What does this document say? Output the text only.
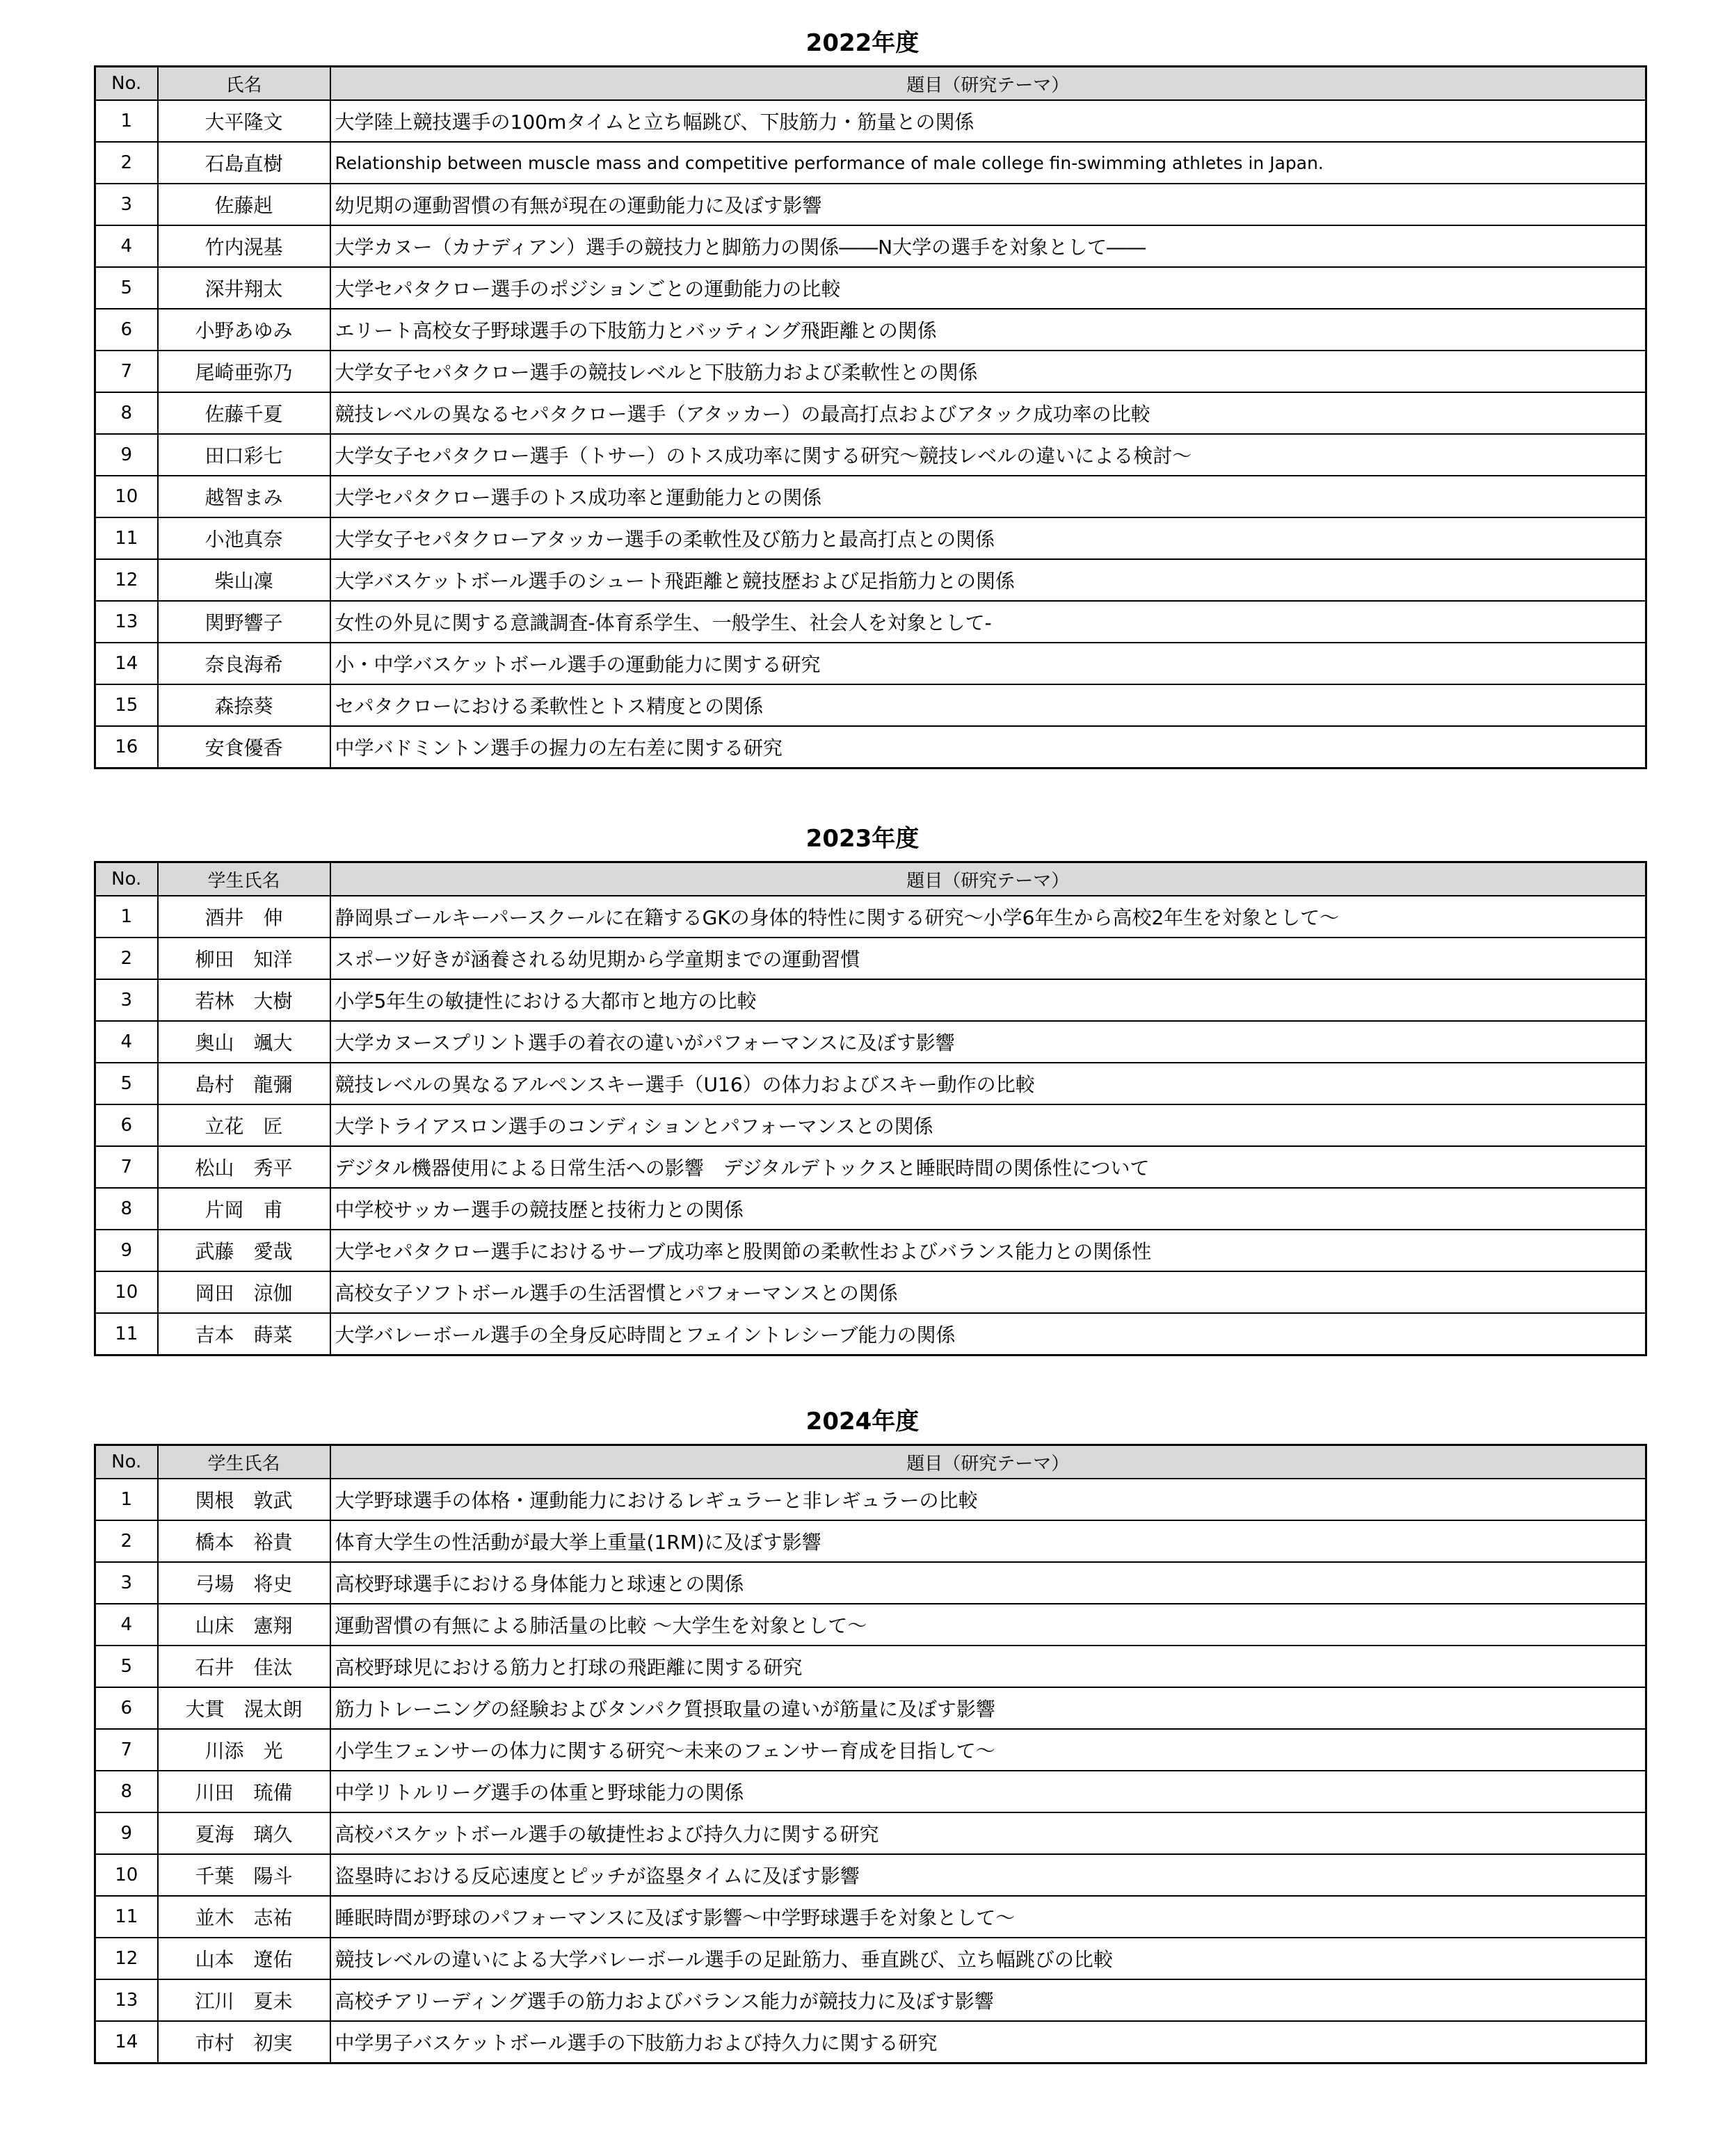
2022年度
No.	氏名	題目（研究テーマ）
1	大平隆文	大学陸上競技選手の100mタイムと立ち幅跳び、下肢筋力・筋量との関係
2	石島直樹	Relationship between muscle mass and competitive performance of male college fin-swimming athletes in Japan.
3	佐藤赳	幼児期の運動習慣の有無が現在の運動能力に及ぼす影響
4	竹内滉基	大学カヌー（カナディアン）選手の競技力と脚筋力の関係――N大学の選手を対象として――
5	深井翔太	大学セパタクロー選手のポジションごとの運動能力の比較
6	小野あゆみ	エリート高校女子野球選手の下肢筋力とバッティング飛距離との関係
7	尾崎亜弥乃	大学女子セパタクロー選手の競技レベルと下肢筋力および柔軟性との関係
8	佐藤千夏	競技レベルの異なるセパタクロー選手（アタッカー）の最高打点およびアタック成功率の比較
9	田口彩七	大学女子セパタクロー選手（トサー）のトス成功率に関する研究～競技レベルの違いによる検討～
10	越智まみ	大学セパタクロー選手のトス成功率と運動能力との関係
11	小池真奈	大学女子セパタクローアタッカー選手の柔軟性及び筋力と最高打点との関係
12	柴山凜	大学バスケットボール選手のシュート飛距離と競技歴および足指筋力との関係
13	関野響子	女性の外見に関する意識調査-体育系学生、一般学生、社会人を対象として-
14	奈良海希	小・中学バスケットボール選手の運動能力に関する研究
15	森捺葵	セパタクローにおける柔軟性とトス精度との関係
16	安食優香	中学バドミントン選手の握力の左右差に関する研究
2023年度
No.	学生氏名	題目（研究テーマ）
1	酒井　伸	静岡県ゴールキーパースクールに在籍するGKの身体的特性に関する研究～小学6年生から高校2年生を対象として～
2	柳田　知洋	スポーツ好きが涵養される幼児期から学童期までの運動習慣
3	若林　大樹	小学5年生の敏捷性における大都市と地方の比較
4	奥山　颯大	大学カヌースプリント選手の着衣の違いがパフォーマンスに及ぼす影響
5	島村　龍彌	競技レベルの異なるアルペンスキー選手（U16）の体力およびスキー動作の比較
6	立花　匠	大学トライアスロン選手のコンディションとパフォーマンスとの関係
7	松山　秀平	デジタル機器使用による日常生活への影響　デジタルデトックスと睡眠時間の関係性について
8	片岡　甫	中学校サッカー選手の競技歴と技術力との関係
9	武藤　愛哉	大学セパタクロー選手におけるサーブ成功率と股関節の柔軟性およびバランス能力との関係性
10	岡田　涼伽	高校女子ソフトボール選手の生活習慣とパフォーマンスとの関係
11	吉本　蒔菜	大学バレーボール選手の全身反応時間とフェイントレシーブ能力の関係
2024年度
No.	学生氏名	題目（研究テーマ）
1	関根　敦武	大学野球選手の体格・運動能力におけるレギュラーと非レギュラーの比較
2	橋本　裕貴	体育大学生の性活動が最大挙上重量(1RM)に及ぼす影響
3	弓場　将史	高校野球選手における身体能力と球速との関係
4	山床　憲翔	運動習慣の有無による肺活量の比較 ～大学生を対象として～
5	石井　佳汰	高校野球児における筋力と打球の飛距離に関する研究
6	大貫　滉太朗	筋力トレーニングの経験およびタンパク質摂取量の違いが筋量に及ぼす影響
7	川添　光	小学生フェンサーの体力に関する研究～未来のフェンサー育成を目指して～
8	川田　琉備	中学リトルリーグ選手の体重と野球能力の関係
9	夏海　璃久	高校バスケットボール選手の敏捷性および持久力に関する研究
10	千葉　陽斗	盗塁時における反応速度とピッチが盗塁タイムに及ぼす影響
11	並木　志祐	睡眠時間が野球のパフォーマンスに及ぼす影響～中学野球選手を対象として～
12	山本　遼佑	競技レベルの違いによる大学バレーボール選手の足趾筋力、垂直跳び、立ち幅跳びの比較
13	江川　夏未	高校チアリーディング選手の筋力およびバランス能力が競技力に及ぼす影響
14	市村　初実	中学男子バスケットボール選手の下肢筋力および持久力に関する研究
